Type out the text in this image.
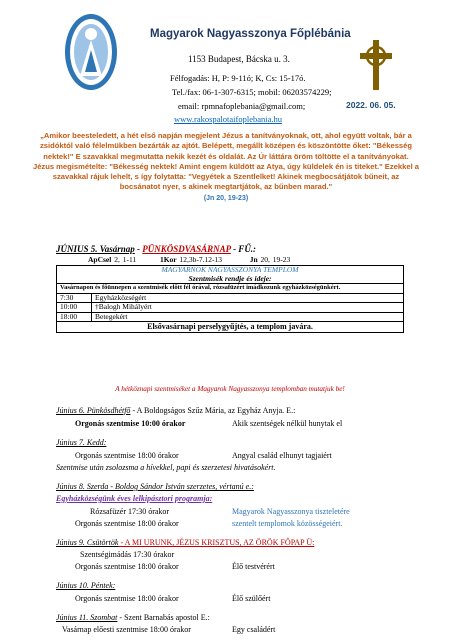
Magyarok Nagyasszonya Főplébánia
1153 Budapest, Bácska u. 3.
Félfogadás: H, P: 9-11ó; K, Cs: 15-17ó.
Tel./fax: 06-1-307-6315; mobil: 06203574229;
email: rpmnafoplebania@gmail.com;
www.rakospalotaifoplebania.hu
2022. 06. 05.
„Amikor beesteledett, a hét első napján megjelent Jézus a tanítványoknak, ott, ahol együtt voltak, bár a zsidóktól való félelmükben bezárták az ajtót. Belépett, megállt középen és köszöntötte őket: "Békesség nektek!" E szavakkal megmutatta nekik kezét és oldalát. Az Úr láttára öröm töltötte el a tanítványokat. Jézus megismételte: "Békesség nektek! Amint engem küldött az Atya, úgy küldelek én is titeket." Ezekkel a szavakkal rájuk lehelt, s így folytatta: "Vegyétek a Szentlelket! Akinek megbocsátjátok bűneit, az bocsánatot nyer, s akinek megtartjátok, az bűnben marad."
(Jn 20, 19-23)
JÚNIUS 5. Vasárnap - PÜNKÖSDVASÁRNAP - FŰ.:
ApCsel 2, 1-11	1Kor 12,3b-7.12-13	Jn 20, 19-23
MAGYARNOK NAGYASSZONYA TEMPLOM	
Szentmisék rendje és ideje:	
Vasárnapon és főünnepen a szentmisék előtt fél órával, rózsafüzért imádkozunk egyházközségünkért.	
7:30	Egyházközségért
10:00	†Balogh Mihályért
18:00	Betegekért
Elsővasárnapi perselygyűjtés, a templom javára.	
A hétköznapi szentmiséket a Magyarok Nagyasszonya templomban mutatjuk be!
Június 6. Pünkösdhétfő - A Boldogságos Szűz Mária, az Egyház Anyja. E.:
Orgonás szentmise 10:00 órakor	Akik szentségek nélkül hunytak el
Június 7. Kedd:
Orgonás szentmise 18:00 órakor	Angyal család elhunyt tagjaiért
Szentmise után zsolozsma a hívekkel, papi és szerzetesi hivatásokért.
Június 8. Szerda - Boldog Sándor István szerzetes, vértanú e.:
Egyházközségünk éves lelkipásztori programja:
Rózsafüzér 17:30 órakor	Magyarok Nagyasszonya tiszteletére
Orgonás szentmise 18:00 órakor	szentelt templomok közösségeiért.
Június 9. Csütörtök - A MI URUNK, JÉZUS KRISZTUS, AZ ÖRÖK FŐPAP Ü:
Szentségimádás 17:30 órakor
Orgonás szentmise 18:00 órakor	Élő testvérért
Június 10. Péntek:
Orgonás szentmise 18:00 órakor	Élő szülőért
Június 11. Szombat - Szent Barnabás apostol E.:
Vasárnap előesti szentmise 18:00 órakor	Egy családért
